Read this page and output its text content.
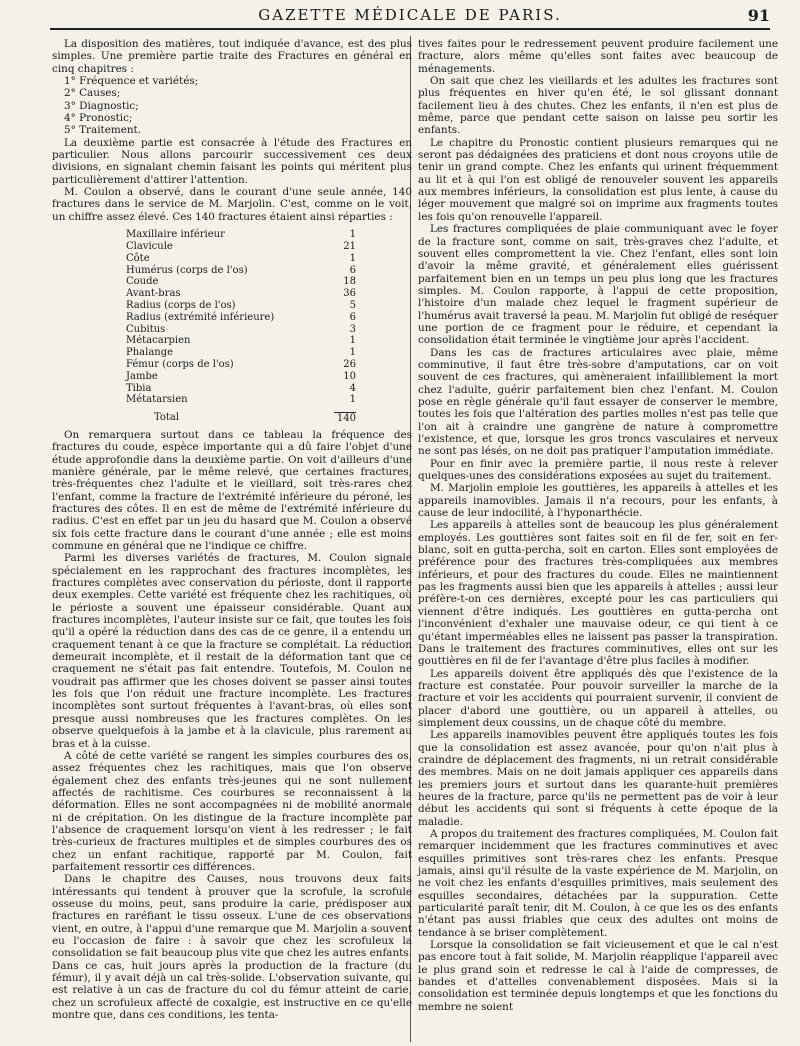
GAZETTE MÉDICALE DE PARIS.	91

La disposition des matières, tout indiquée d'avance, est des plus simples. Une première partie traite des Fractures en général en cinq chapitres :

1° Fréquence et variétés;
2° Causes;
3° Diagnostic;
4° Pronostic;
5° Traitement.

La deuxième partie est consacrée à l'étude des Fractures en particulier. Nous allons parcourir successivement ces deux divisions, en signalant chemin faisant les points qui méritent plus particulièrement d'attirer l'attention.

M. Coulon a observé, dans le courant d'une seule année, 140 fractures dans le service de M. Marjolin. C'est, comme on le voit, un chiffre assez élevé. Ces 140 fractures étaient ainsi réparties :

Maxillaire inférieur	1
Clavicule	21
Côte	1
Humérus (corps de l'os)	6
Coude	18
Avant-bras	36
Radius (corps de l'os)	5
Radius (extrémité inférieure)	6
Cubitus	3
Métacarpien	1
Phalange	1
Fémur (corps de l'os)	26
Jambe	10
Tibia	4
Métatarsien	1
Total	140

On remarquera surtout dans ce tableau la fréquence des fractures du coude, espèce importante qui a dû faire l'objet d'une étude approfondie dans la deuxième partie. On voit d'ailleurs d'une manière générale, par le même relevé, que certaines fractures, très-fréquentes chez l'adulte et le vieillard, soit très-rares chez l'enfant, comme la fracture de l'extrémité inférieure du péroné, les fractures des côtes. Il en est de même de l'extrémité inférieure du radius. C'est en effet par un jeu du hasard que M. Coulon a observé six fois cette fracture dans le courant d'une année ; elle est moins commune en général que ne l'indique ce chiffre.

Parmi les diverses variétés de fractures, M. Coulon signale spécialement en les rapprochant des fractures incomplètes, les fractures complètes avec conservation du périoste, dont il rapporte deux exemples. Cette variété est fréquente chez les rachitiques, où le périoste a souvent une épaisseur considérable. Quant aux fractures incomplètes, l'auteur insiste sur ce fait, que toutes les fois qu'il a opéré la réduction dans des cas de ce genre, il a entendu un craquement tenant à ce que la fracture se complétait. La réduction demeurait incomplète, et il restait de la déformation tant que ce craquement ne s'était pas fait entendre. Toutefois, M. Coulon ne voudrait pas affirmer que les choses doivent se passer ainsi toutes les fois que l'on réduit une fracture incomplète. Les fractures incomplètes sont surtout fréquentes à l'avant-bras, où elles sont presque aussi nombreuses que les fractures complètes. On les observe quelquefois à la jambe et à la clavicule, plus rarement au bras et à la cuisse.

A côté de cette variété se rangent les simples courbures des os, assez fréquentes chez les rachitiques, mais que l'on observe également chez des enfants très-jeunes qui ne sont nullement affectés de rachitisme. Ces courbures se reconnaissent à la déformation. Elles ne sont accompagnées ni de mobilité anormale ni de crépitation. On les distingue de la fracture incomplète par l'absence de craquement lorsqu'on vient à les redresser ; le fait très-curieux de fractures multiples et de simples courbures des os chez un enfant rachitique, rapporté par M. Coulon, fait parfaitement ressortir ces différences.

Dans le chapitre des Causes, nous trouvons deux faits intéressants qui tendent à prouver que la scrofule, la scrofule osseuse du moins, peut, sans produire la carie, prédisposer aux fractures en raréfiant le tissu osseux. L'une de ces observations vient, en outre, à l'appui d'une remarque que M. Marjolin a souvent eu l'occasion de faire : à savoir que chez les scrofuleux la consolidation se fait beaucoup plus vite que chez les autres enfants. Dans ce cas, huit jours après la production de la fracture (du fémur), il y avait déjà un cal très-solide. L'observation suivante, qui est relative à un cas de fracture du col du fémur atteint de carie, chez un scrofuleux affecté de coxalgie, est instructive en ce qu'elle montre que, dans ces conditions, les tenta-

tives faites pour le redressement peuvent produire facilement une fracture, alors même qu'elles sont faites avec beaucoup de ménagements.

On sait que chez les vieillards et les adultes les fractures sont plus fréquentes en hiver qu'en été, le sol glissant donnant facilement lieu à des chutes. Chez les enfants, il n'en est plus de même, parce que pendant cette saison on laisse peu sortir les enfants.

Le chapitre du Pronostic contient plusieurs remarques qui ne seront pas dédaignées des praticiens et dont nous croyons utile de tenir un grand compte. Chez les enfants qui urinent fréquemment au lit et à qui l'on est obligé de renouveler souvent les appareils aux membres inférieurs, la consolidation est plus lente, à cause du léger mouvement que malgré soi on imprime aux fragments toutes les fois qu'on renouvelle l'appareil.

Les fractures compliquées de plaie communiquant avec le foyer de la fracture sont, comme on sait, très-graves chez l'adulte, et souvent elles compromettent la vie. Chez l'enfant, elles sont loin d'avoir la même gravité, et généralement elles guérissent parfaitement bien en un temps un peu plus long que les fractures simples. M. Coulon rapporte, à l'appui de cette proposition, l'histoire d'un malade chez lequel le fragment supérieur de l'humérus avait traversé la peau. M. Marjolin fut obligé de reséquer une portion de ce fragment pour le réduire, et cependant la consolidation était terminée le vingtième jour après l'accident.

Dans les cas de fractures articulaires avec plaie, même comminutive, il faut être très-sobre d'amputations, car on voit souvent de ces fractures, qui amèneraient infailliblement la mort chez l'adulte, guérir parfaitement bien chez l'enfant. M. Coulon pose en règle générale qu'il faut essayer de conserver le membre, toutes les fois que l'altération des parties molles n'est pas telle que l'on ait à craindre une gangrène de nature à compromettre l'existence, et que, lorsque les gros troncs vasculaires et nerveux ne sont pas lésés, on ne doit pas pratiquer l'amputation immédiate.

Pour en finir avec la première partie, il nous reste à relever quelques-unes des considérations exposées au sujet du traitement.

M. Marjolin emploie les gouttières, les appareils à attelles et les appareils inamovibles. Jamais il n'a recours, pour les enfants, à cause de leur indocilité, à l'hyponarthécie.

Les appareils à attelles sont de beaucoup les plus généralement employés. Les gouttières sont faites soit en fil de fer, soit en fer-blanc, soit en gutta-percha, soit en carton. Elles sont employées de préférence pour des fractures très-compliquées aux membres inférieurs, et pour des fractures du coude. Elles ne maintiennent pas les fragments aussi bien que les appareils à attelles ; aussi leur préfère-t-on ces dernières, excepté pour les cas particuliers qui viennent d'être indiqués. Les gouttières en gutta-percha ont l'inconvénient d'exhaler une mauvaise odeur, ce qui tient à ce qu'étant imperméables elles ne laissent pas passer la transpiration. Dans le traitement des fractures comminutives, elles ont sur les gouttières en fil de fer l'avantage d'être plus faciles à modifier.

Les appareils doivent être appliqués dès que l'existence de la fracture est constatée. Pour pouvoir surveiller la marche de la fracture et voir les accidents qui pourraient survenir, il convient de placer d'abord une gouttière, ou un appareil à attelles, ou simplement deux coussins, un de chaque côté du membre.

Les appareils inamovibles peuvent être appliqués toutes les fois que la consolidation est assez avancée, pour qu'on n'ait plus à craindre de déplacement des fragments, ni un retrait considérable des membres. Mais on ne doit jamais appliquer ces appareils dans les premiers jours et surtout dans les quarante-huit premières heures de la fracture, parce qu'ils ne permettent pas de voir à leur début les accidents qui sont si fréquents à cette époque de la maladie.

A propos du traitement des fractures compliquées, M. Coulon fait remarquer incidemment que les fractures comminutives et avec esquilles primitives sont très-rares chez les enfants. Presque jamais, ainsi qu'il résulte de la vaste expérience de M. Marjolin, on ne voit chez les enfants d'esquilles primitives, mais seulement des esquilles secondaires, détachées par la suppuration. Cette particularité paraît tenir, dit M. Coulon, à ce que les os des enfants n'étant pas aussi friables que ceux des adultes ont moins de tendance à se briser complètement.

Lorsque la consolidation se fait vicieusement et que le cal n'est pas encore tout à fait solide, M. Marjolin réapplique l'appareil avec le plus grand soin et redresse le cal à l'aide de compresses, de bandes et d'attelles convenablement disposées. Mais si la consolidation est terminée depuis longtemps et que les fonctions du membre ne soient
